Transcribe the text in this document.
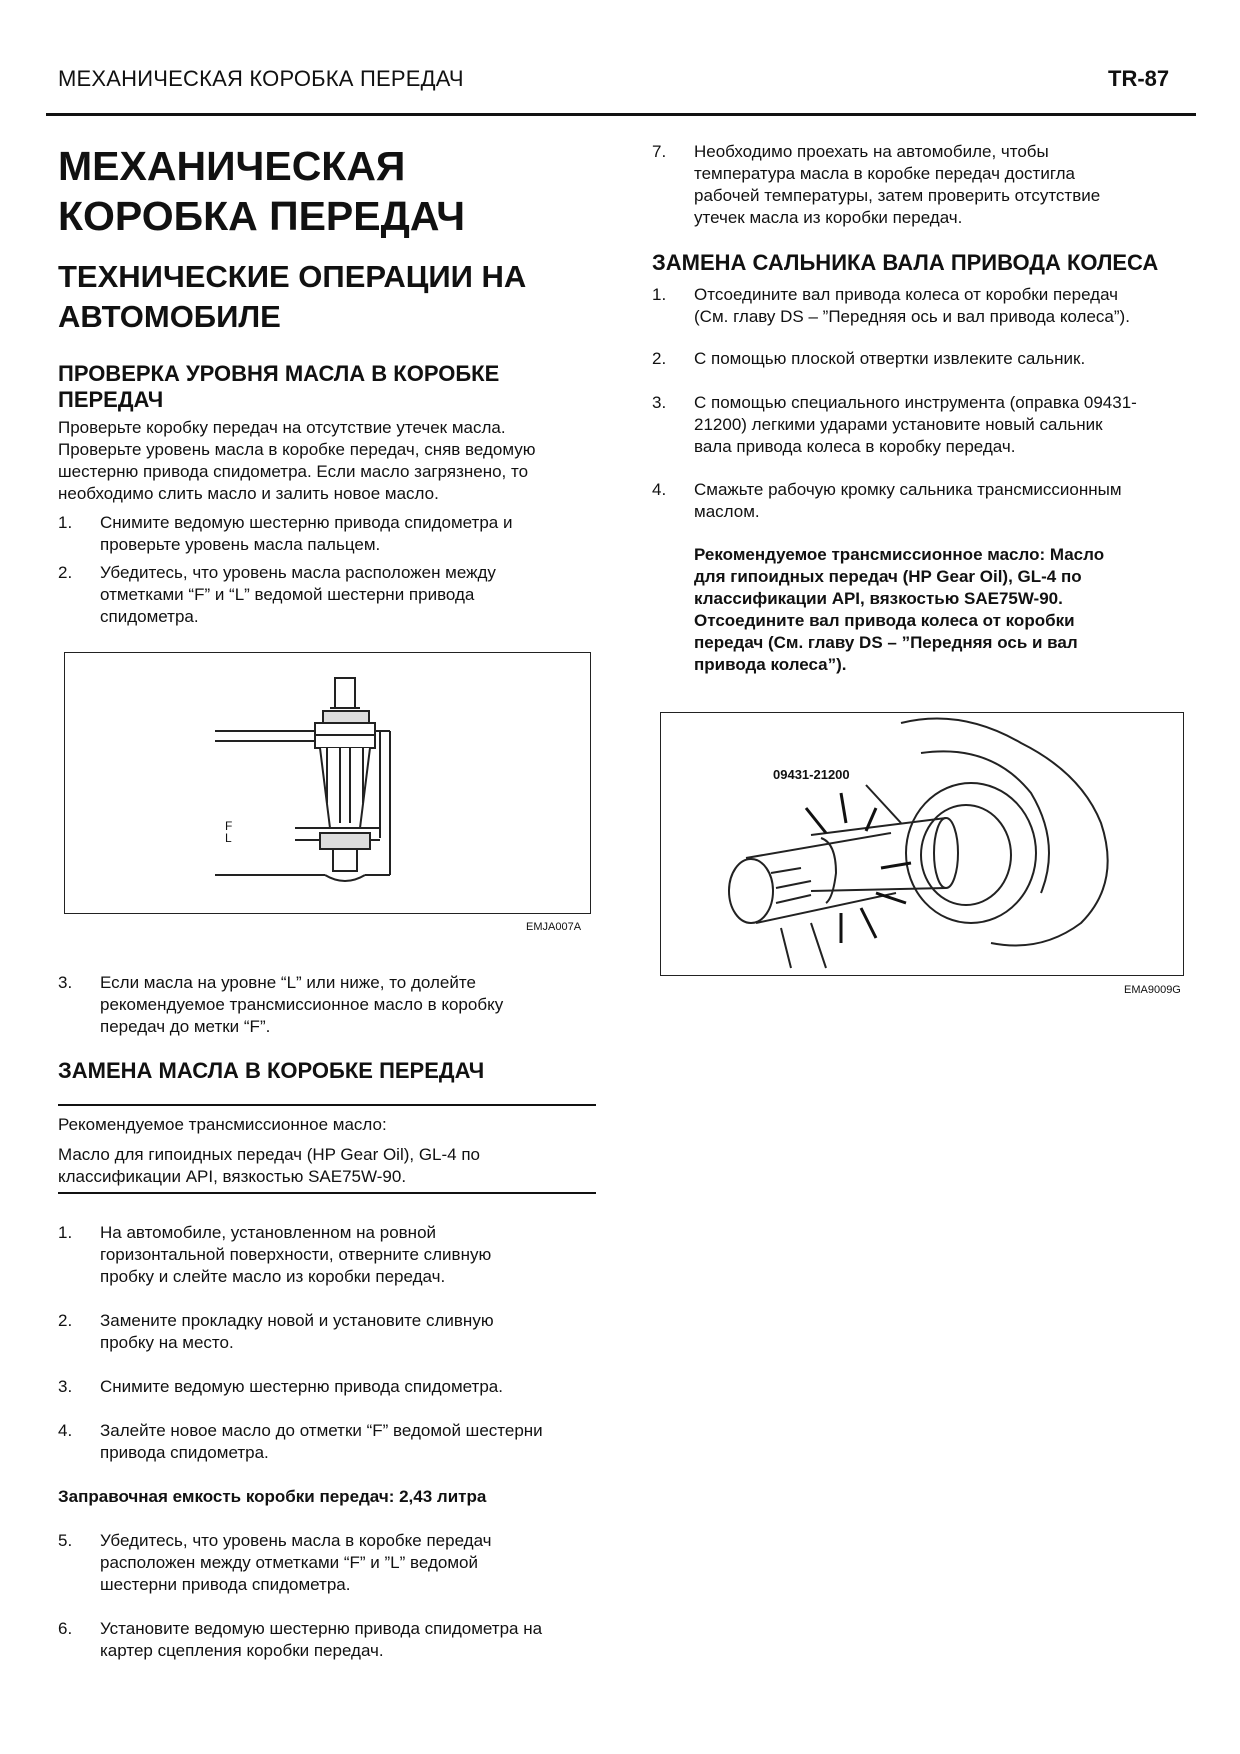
МЕХАНИЧЕСКАЯ КОРОБКА ПЕРЕДАЧ	TR-87
МЕХАНИЧЕСКАЯ КОРОБКА ПЕРЕДАЧ
ТЕХНИЧЕСКИЕ ОПЕРАЦИИ НА АВТОМОБИЛЕ
ПРОВЕРКА УРОВНЯ МАСЛА В КОРОБКЕ ПЕРЕДАЧ
Проверьте коробку передач на отсутствие утечек масла.
Проверьте уровень масла в коробке передач, сняв ведомую
шестерню привода спидометра. Если масло загрязнено, то
необходимо слить масло и залить новое масло.
1. Снимите ведомую шестерню привода спидометра и
проверьте уровень масла пальцем.
2. Убедитесь, что уровень масла расположен между
отметками “F” и “L” ведомой шестерни привода
спидометра.
F
L
EMJA007A
3. Если масла на уровне “L” или ниже, то долейте
рекомендуемое трансмиссионное масло в коробку
передач до метки “F”.
ЗАМЕНА МАСЛА В КОРОБКЕ ПЕРЕДАЧ
Рекомендуемое трансмиссионное масло:
Масло для гипоидных передач (HP Gear Oil), GL-4 по
классификации API, вязкостью SAE75W-90.
1. На автомобиле, установленном на ровной
горизонтальной поверхности, отверните сливную
пробку и слейте масло из коробки передач.
2. Замените прокладку новой и установите сливную
пробку на место.
3. Снимите ведомую шестерню привода спидометра.
4. Залейте новое масло до отметки “F” ведомой шестерни
привода спидометра.
Заправочная емкость коробки передач: 2,43 литра
5. Убедитесь, что уровень масла в коробке передач
расположен между отметками “F” и ”L” ведомой
шестерни привода спидометра.
6. Установите ведомую шестерню привода спидометра на
картер сцепления коробки передач.
7. Необходимо проехать на автомобиле, чтобы
температура масла в коробке передач достигла
рабочей температуры, затем проверить отсутствие
утечек масла из коробки передач.
ЗАМЕНА САЛЬНИКА ВАЛА ПРИВОДА КОЛЕСА
1. Отсоедините вал привода колеса от коробки передач
(См. главу DS – ”Передняя ось и вал привода колеса”).
2. С помощью плоской отвертки извлеките сальник.
3. С помощью специального инструмента (оправка 09431-
21200) легкими ударами установите новый сальник
вала привода колеса в коробку передач.
4. Смажьте рабочую кромку сальника трансмиссионным
маслом.
Рекомендуемое трансмиссионное масло: Масло
для гипоидных передач (HP Gear Oil), GL-4 по
классификации API, вязкостью SAE75W-90.
Отсоедините вал привода колеса от коробки
передач (См. главу DS – ”Передняя ось и вал
привода колеса”).
09431-21200
EMA9009G
